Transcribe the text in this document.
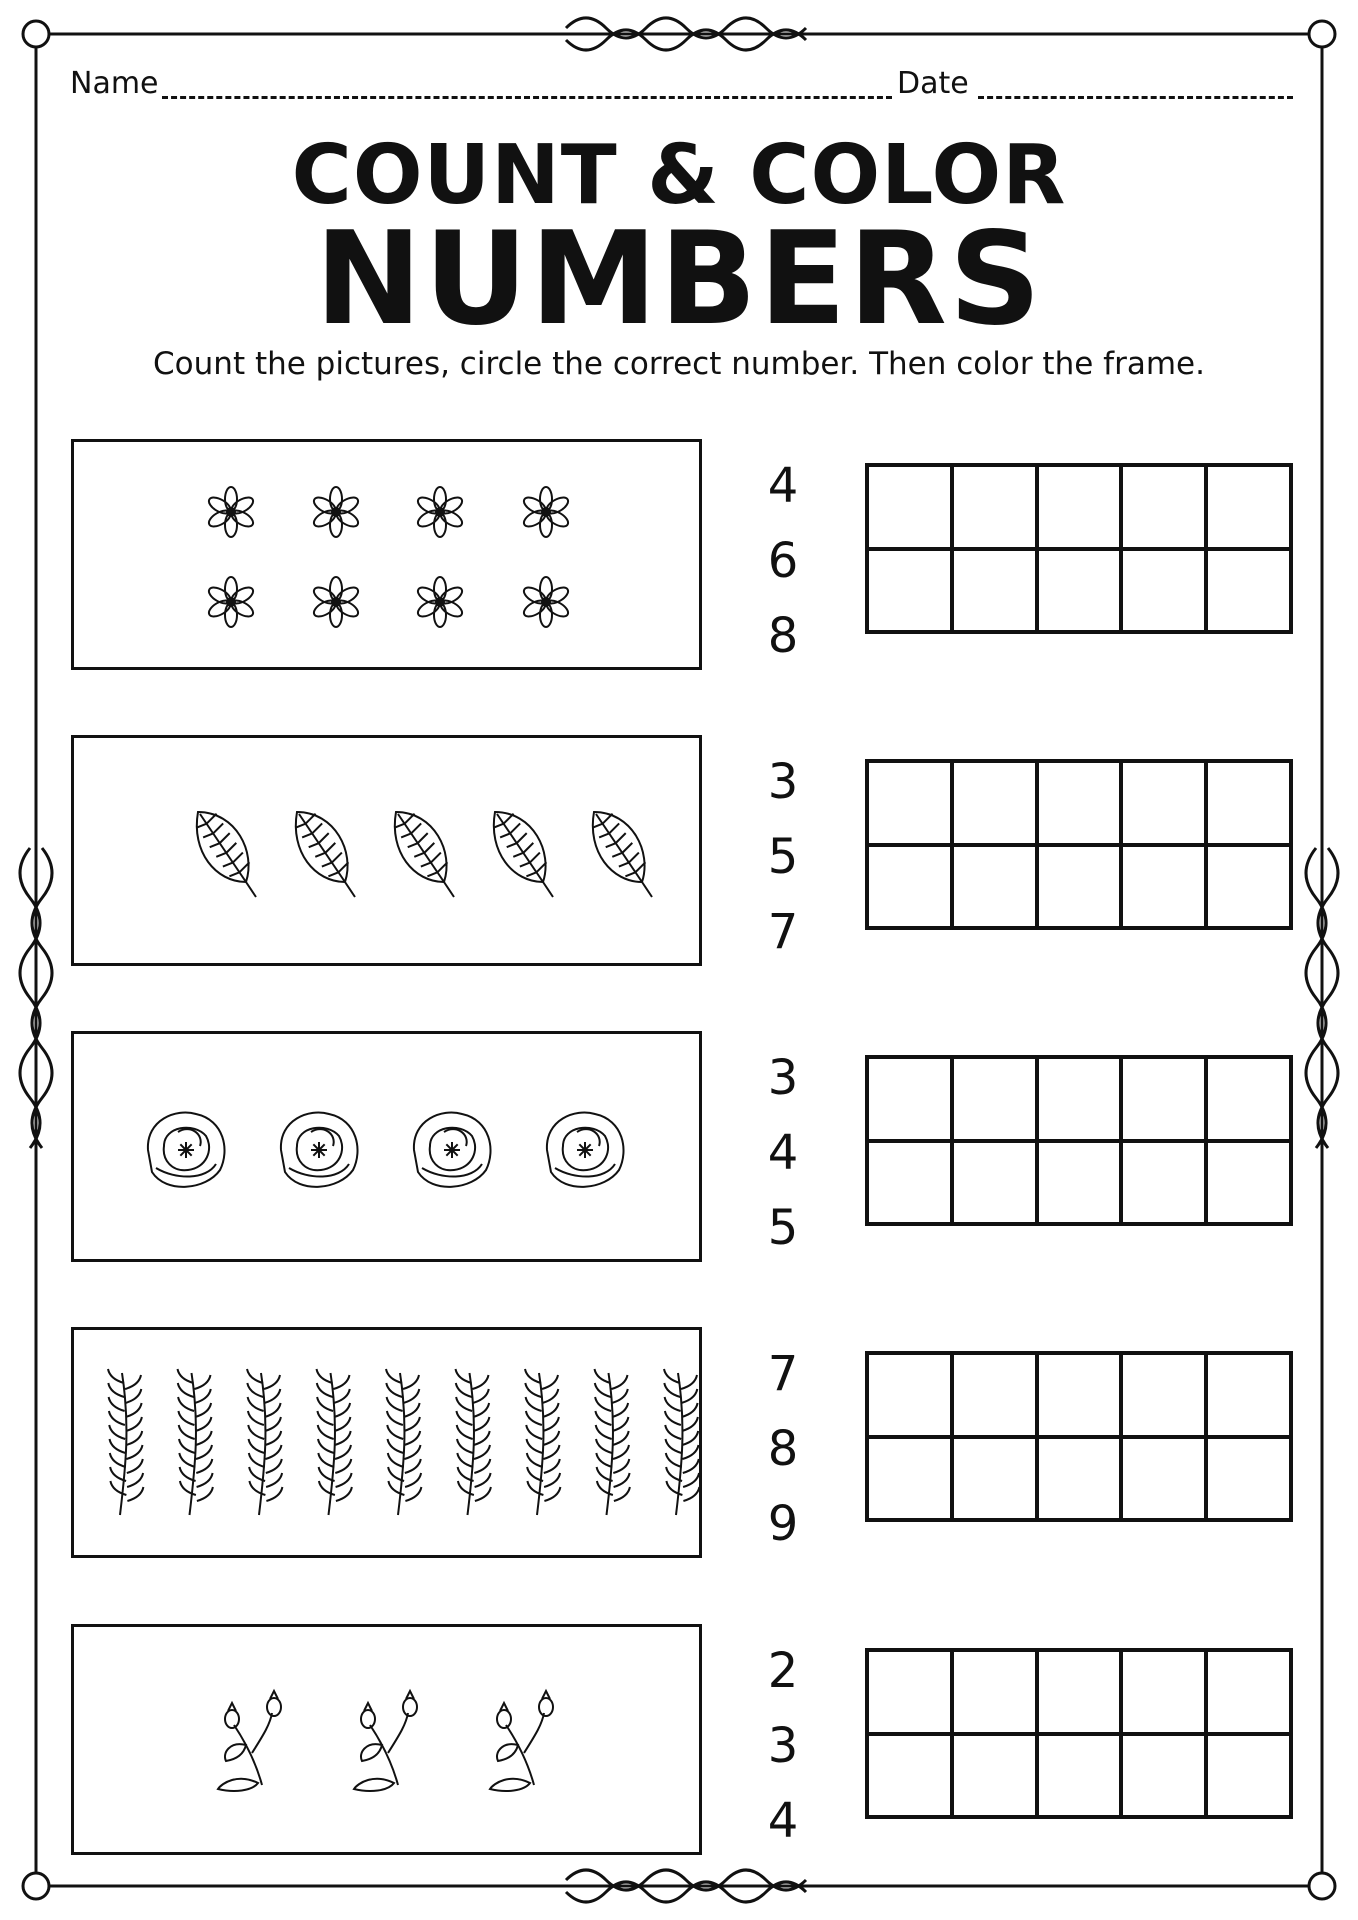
Name	Date
COUNT & COLOR
NUMBERS
Count the pictures, circle the correct number. Then color the frame.
4
6
8
3
5
7
3
4
5
7
8
9
2
3
4
